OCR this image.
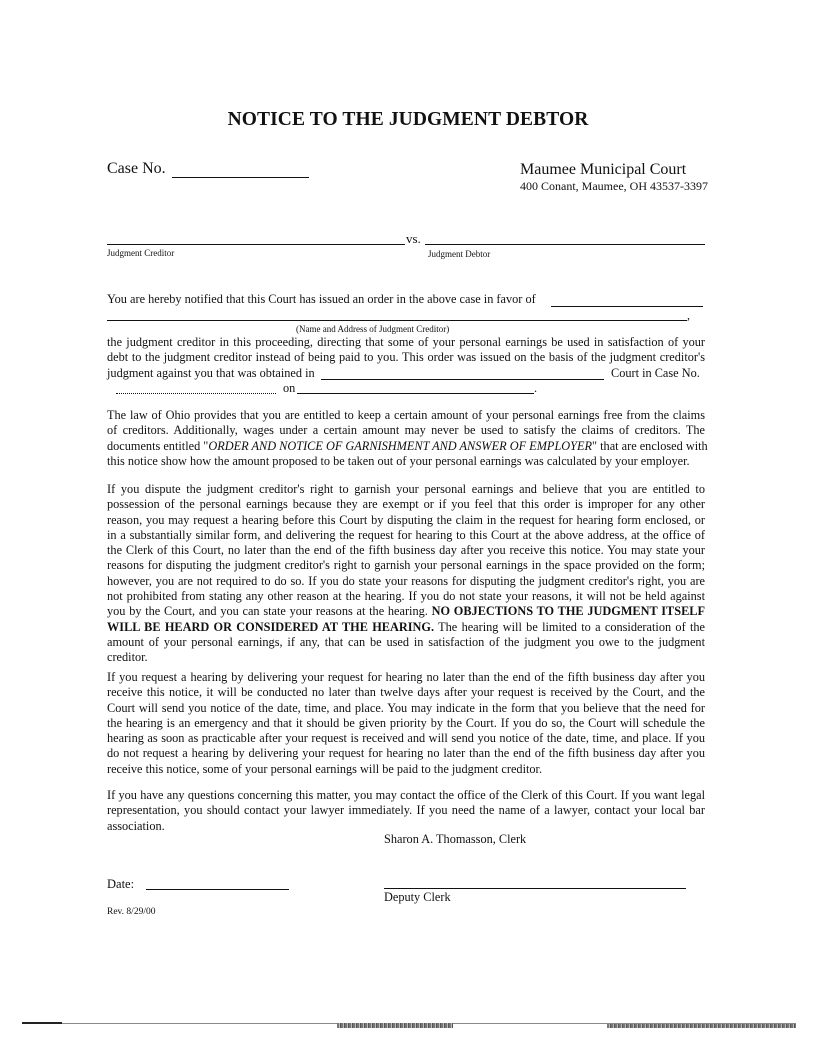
NOTICE TO THE JUDGMENT DEBTOR
Case No.	Maumee Municipal Court
400 Conant, Maumee, OH 43537-3397
vs.
Judgment Creditor	Judgment Debtor
You are hereby notified that this Court has issued an order in the above case in favor of
,
(Name and Address of Judgment Creditor)
the judgment creditor in this proceeding, directing that some of your personal earnings be used in satisfaction of your
debt to the judgment creditor instead of being paid to you. This order was issued on the basis of the judgment creditor's
judgment against you that was obtained in	Court in Case No.
on	.
The law of Ohio provides that you are entitled to keep a certain amount of your personal earnings free from the claims
of creditors. Additionally, wages under a certain amount may never be used to satisfy the claims of creditors. The
documents entitled "ORDER AND NOTICE OF GARNISHMENT AND ANSWER OF EMPLOYER" that are enclosed with
this notice show how the amount proposed to be taken out of your personal earnings was calculated by your employer.
If you dispute the judgment creditor's right to garnish your personal earnings and believe that you are entitled to
possession of the personal earnings because they are exempt or if you feel that this order is improper for any other
reason, you may request a hearing before this Court by disputing the claim in the request for hearing form enclosed, or
in a substantially similar form, and delivering the request for hearing to this Court at the above address, at the office of
the Clerk of this Court, no later than the end of the fifth business day after you receive this notice. You may state your
reasons for disputing the judgment creditor's right to garnish your personal earnings in the space provided on the form;
however, you are not required to do so. If you do state your reasons for disputing the judgment creditor's right, you are
not prohibited from stating any other reason at the hearing. If you do not state your reasons, it will not be held against
you by the Court, and you can state your reasons at the hearing. NO OBJECTIONS TO THE JUDGMENT ITSELF
WILL BE HEARD OR CONSIDERED AT THE HEARING. The hearing will be limited to a consideration of the
amount of your personal earnings, if any, that can be used in satisfaction of the judgment you owe to the judgment
creditor.
If you request a hearing by delivering your request for hearing no later than the end of the fifth business day after you
receive this notice, it will be conducted no later than twelve days after your request is received by the Court, and the
Court will send you notice of the date, time, and place. You may indicate in the form that you believe that the need for
the hearing is an emergency and that it should be given priority by the Court. If you do so, the Court will schedule the
hearing as soon as practicable after your request is received and will send you notice of the date, time, and place. If you
do not request a hearing by delivering your request for hearing no later than the end of the fifth business day after you
receive this notice, some of your personal earnings will be paid to the judgment creditor.
If you have any questions concerning this matter, you may contact the office of the Clerk of this Court. If you want legal
representation, you should contact your lawyer immediately. If you need the name of a lawyer, contact your local bar
association.
Sharon A. Thomasson, Clerk
Date:
Deputy Clerk
Rev. 8/29/00
